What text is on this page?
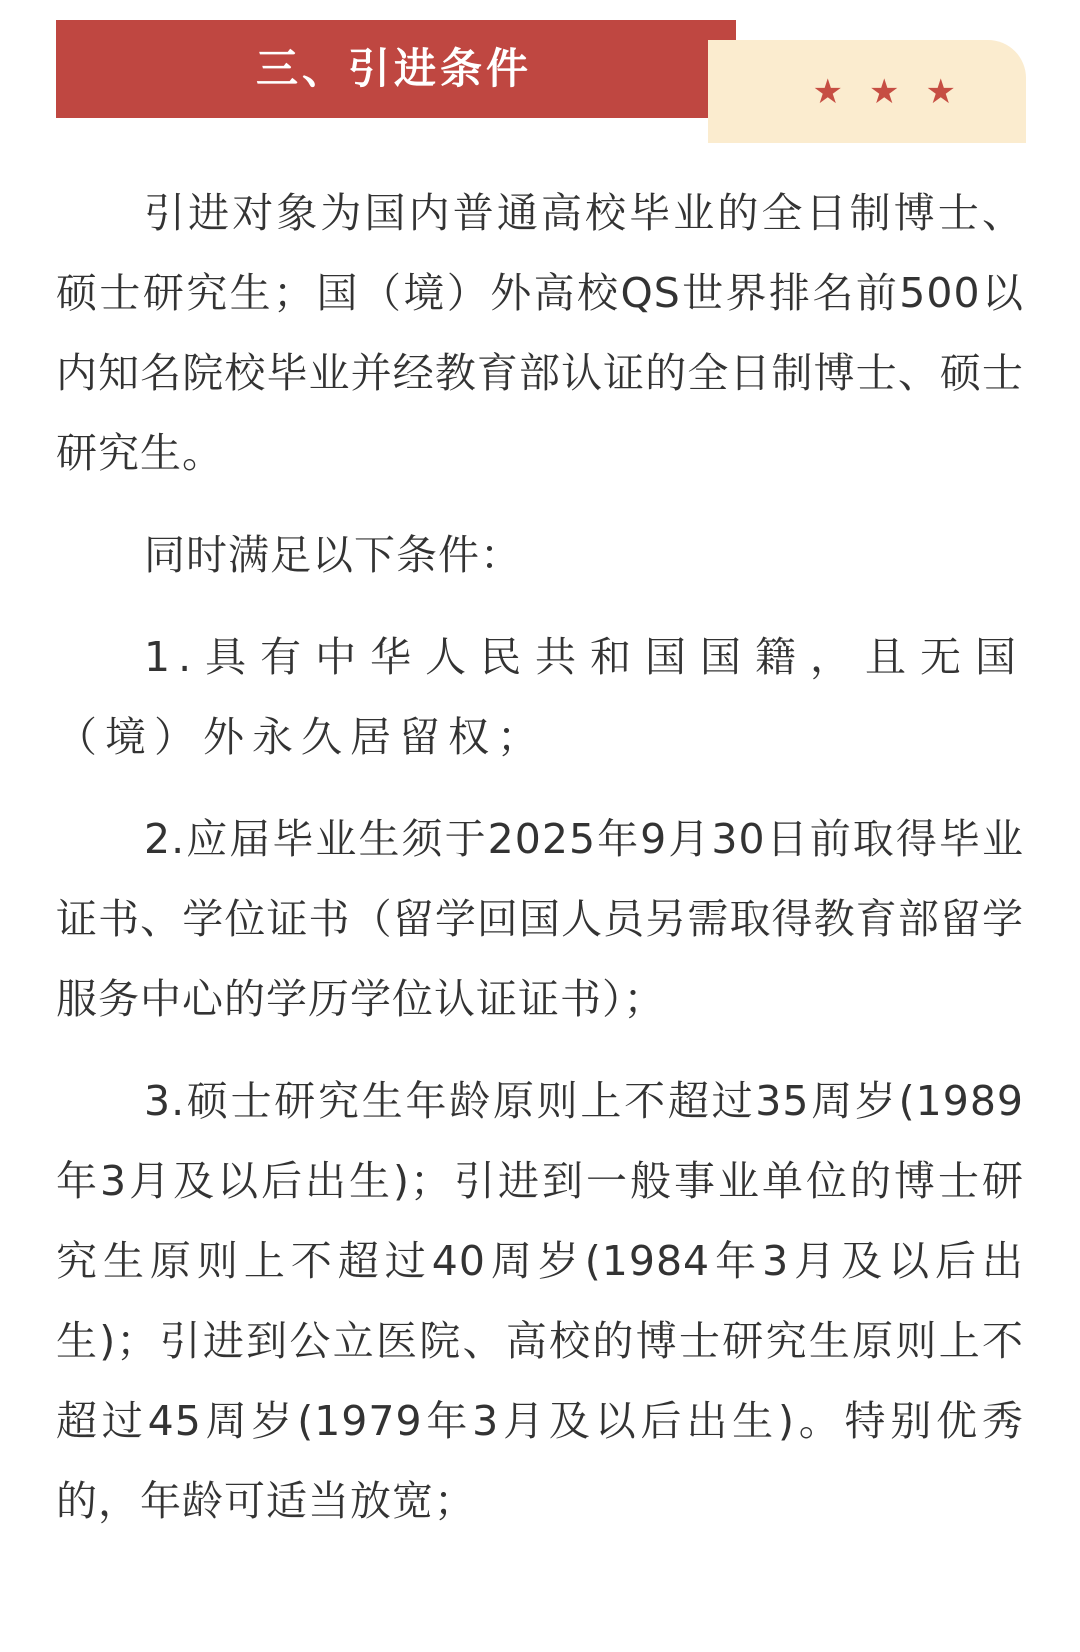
三、引进条件	★ ★ ★

引进对象为国内普通高校毕业的全日制博士、硕士研究生；国（境）外高校QS世界排名前500以内知名院校毕业并经教育部认证的全日制博士、硕士研究生。

同时满足以下条件：

1.具有中华人民共和国国籍，且无国（境）外永久居留权；

2.应届毕业生须于2025年9月30日前取得毕业证书、学位证书（留学回国人员另需取得教育部留学服务中心的学历学位认证证书）；

3.硕士研究生年龄原则上不超过35周岁(1989年3月及以后出生)；引进到一般事业单位的博士研究生原则上不超过40周岁(1984年3月及以后出生)；引进到公立医院、高校的博士研究生原则上不超过45周岁(1979年3月及以后出生)。特别优秀的，年龄可适当放宽；
